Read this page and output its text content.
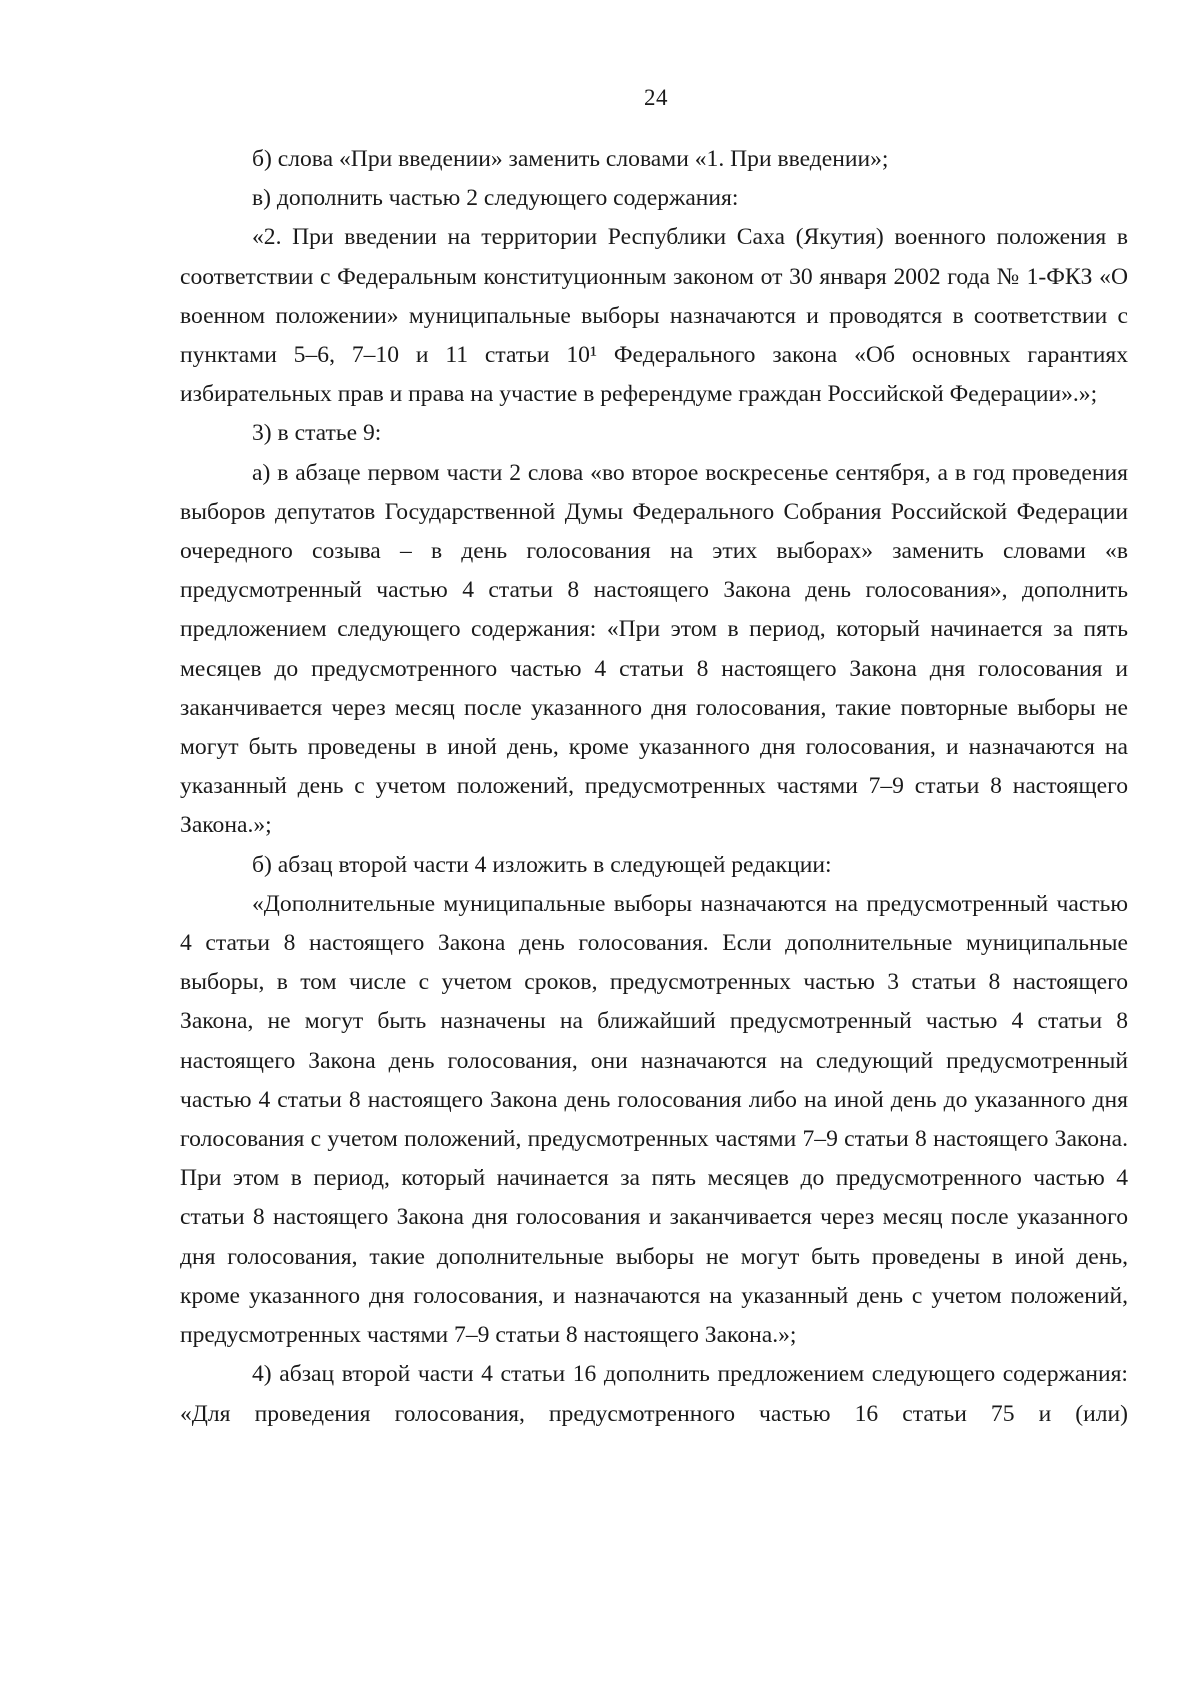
24

б) слова «При введении» заменить словами «1. При введении»;

в) дополнить частью 2 следующего содержания:

«2. При введении на территории Республики Саха (Якутия) военного положения в соответствии с Федеральным конституционным законом от 30 января 2002 года № 1-ФКЗ «О военном положении» муниципальные выборы назначаются и проводятся в соответствии с пунктами 5–6, 7–10 и 11 статьи 10¹ Федерального закона «Об основных гарантиях избирательных прав и права на участие в референдуме граждан Российской Федерации».»;

3) в статье 9:

а) в абзаце первом части 2 слова «во второе воскресенье сентября, а в год проведения выборов депутатов Государственной Думы Федерального Собрания Российской Федерации очередного созыва – в день голосования на этих выборах» заменить словами «в предусмотренный частью 4 статьи 8 настоящего Закона день голосования», дополнить предложением следующего содержания: «При этом в период, который начинается за пять месяцев до предусмотренного частью 4 статьи 8 настоящего Закона дня голосования и заканчивается через месяц после указанного дня голосования, такие повторные выборы не могут быть проведены в иной день, кроме указанного дня голосования, и назначаются на указанный день с учетом положений, предусмотренных частями 7–9 статьи 8 настоящего Закона.»;

б) абзац второй части 4 изложить в следующей редакции:

«Дополнительные муниципальные выборы назначаются на предусмотренный частью 4 статьи 8 настоящего Закона день голосования. Если дополнительные муниципальные выборы, в том числе с учетом сроков, предусмотренных частью 3 статьи 8 настоящего Закона, не могут быть назначены на ближайший предусмотренный частью 4 статьи 8 настоящего Закона день голосования, они назначаются на следующий предусмотренный частью 4 статьи 8 настоящего Закона день голосования либо на иной день до указанного дня голосования с учетом положений, предусмотренных частями 7–9 статьи 8 настоящего Закона. При этом в период, который начинается за пять месяцев до предусмотренного частью 4 статьи 8 настоящего Закона дня голосования и заканчивается через месяц после указанного дня голосования, такие дополнительные выборы не могут быть проведены в иной день, кроме указанного дня голосования, и назначаются на указанный день с учетом положений, предусмотренных частями 7–9 статьи 8 настоящего Закона.»;

4) абзац второй части 4 статьи 16 дополнить предложением следующего содержания: «Для проведения голосования, предусмотренного частью 16 статьи 75 и (или)
